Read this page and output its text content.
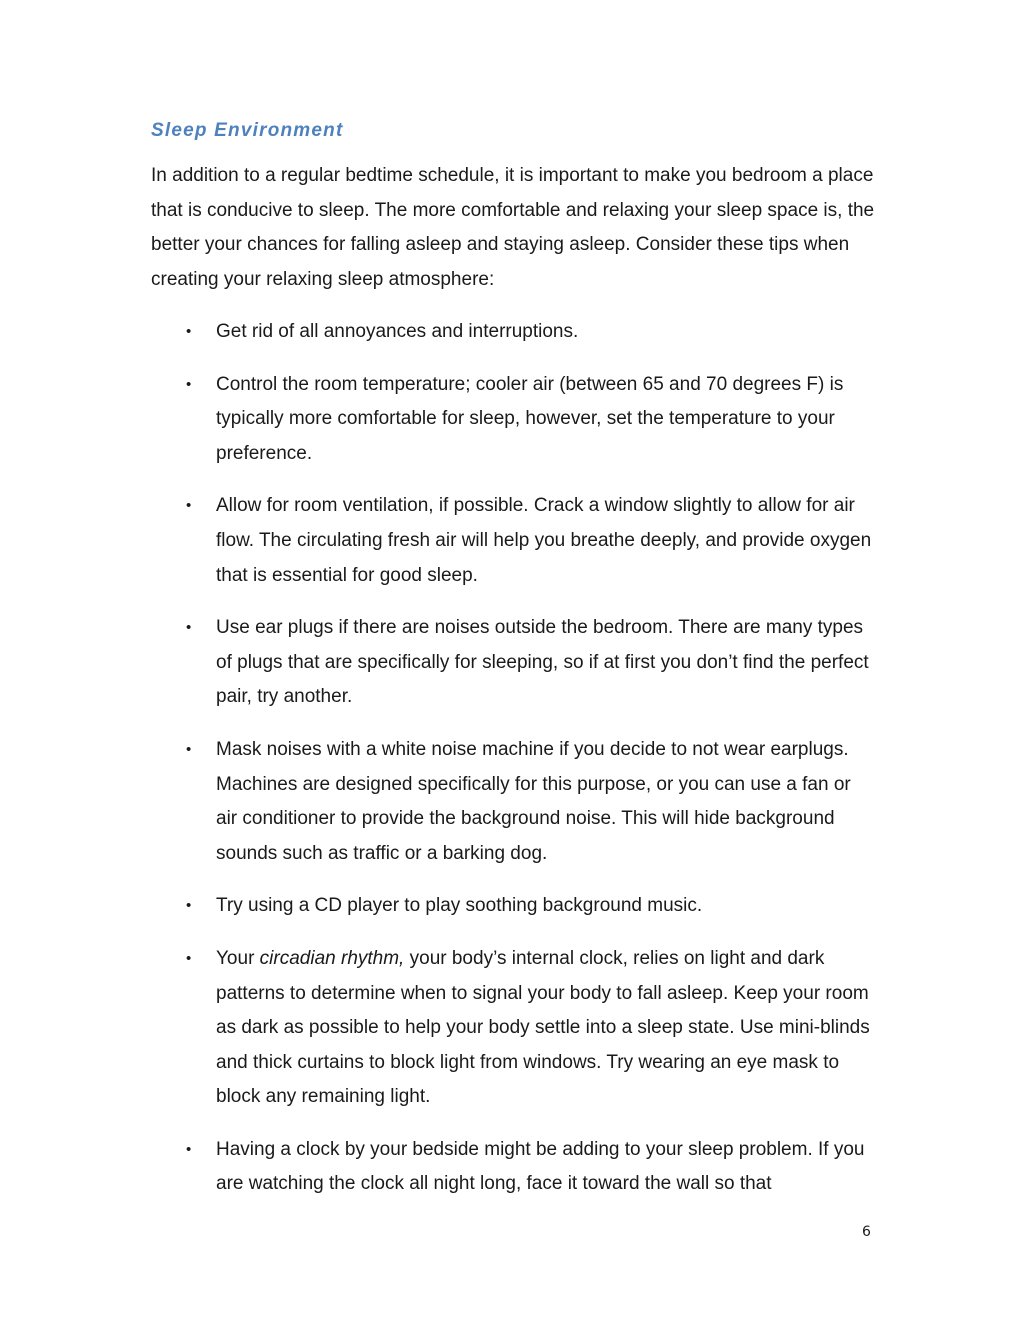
Sleep Environment

In addition to a regular bedtime schedule, it is important to make you bedroom a place that is conducive to sleep. The more comfortable and relaxing your sleep space is, the better your chances for falling asleep and staying asleep. Consider these tips when creating your relaxing sleep atmosphere:

• Get rid of all annoyances and interruptions.
• Control the room temperature; cooler air (between 65 and 70 degrees F) is typically more comfortable for sleep, however, set the temperature to your preference.
• Allow for room ventilation, if possible. Crack a window slightly to allow for air flow. The circulating fresh air will help you breathe deeply, and provide oxygen that is essential for good sleep.
• Use ear plugs if there are noises outside the bedroom. There are many types of plugs that are specifically for sleeping, so if at first you don’t find the perfect pair, try another.
• Mask noises with a white noise machine if you decide to not wear earplugs. Machines are designed specifically for this purpose, or you can use a fan or air conditioner to provide the background noise. This will hide background sounds such as traffic or a barking dog.
• Try using a CD player to play soothing background music.
• Your circadian rhythm, your body’s internal clock, relies on light and dark patterns to determine when to signal your body to fall asleep. Keep your room as dark as possible to help your body settle into a sleep state. Use mini-blinds and thick curtains to block light from windows. Try wearing an eye mask to block any remaining light.
• Having a clock by your bedside might be adding to your sleep problem. If you are watching the clock all night long, face it toward the wall so that
6
